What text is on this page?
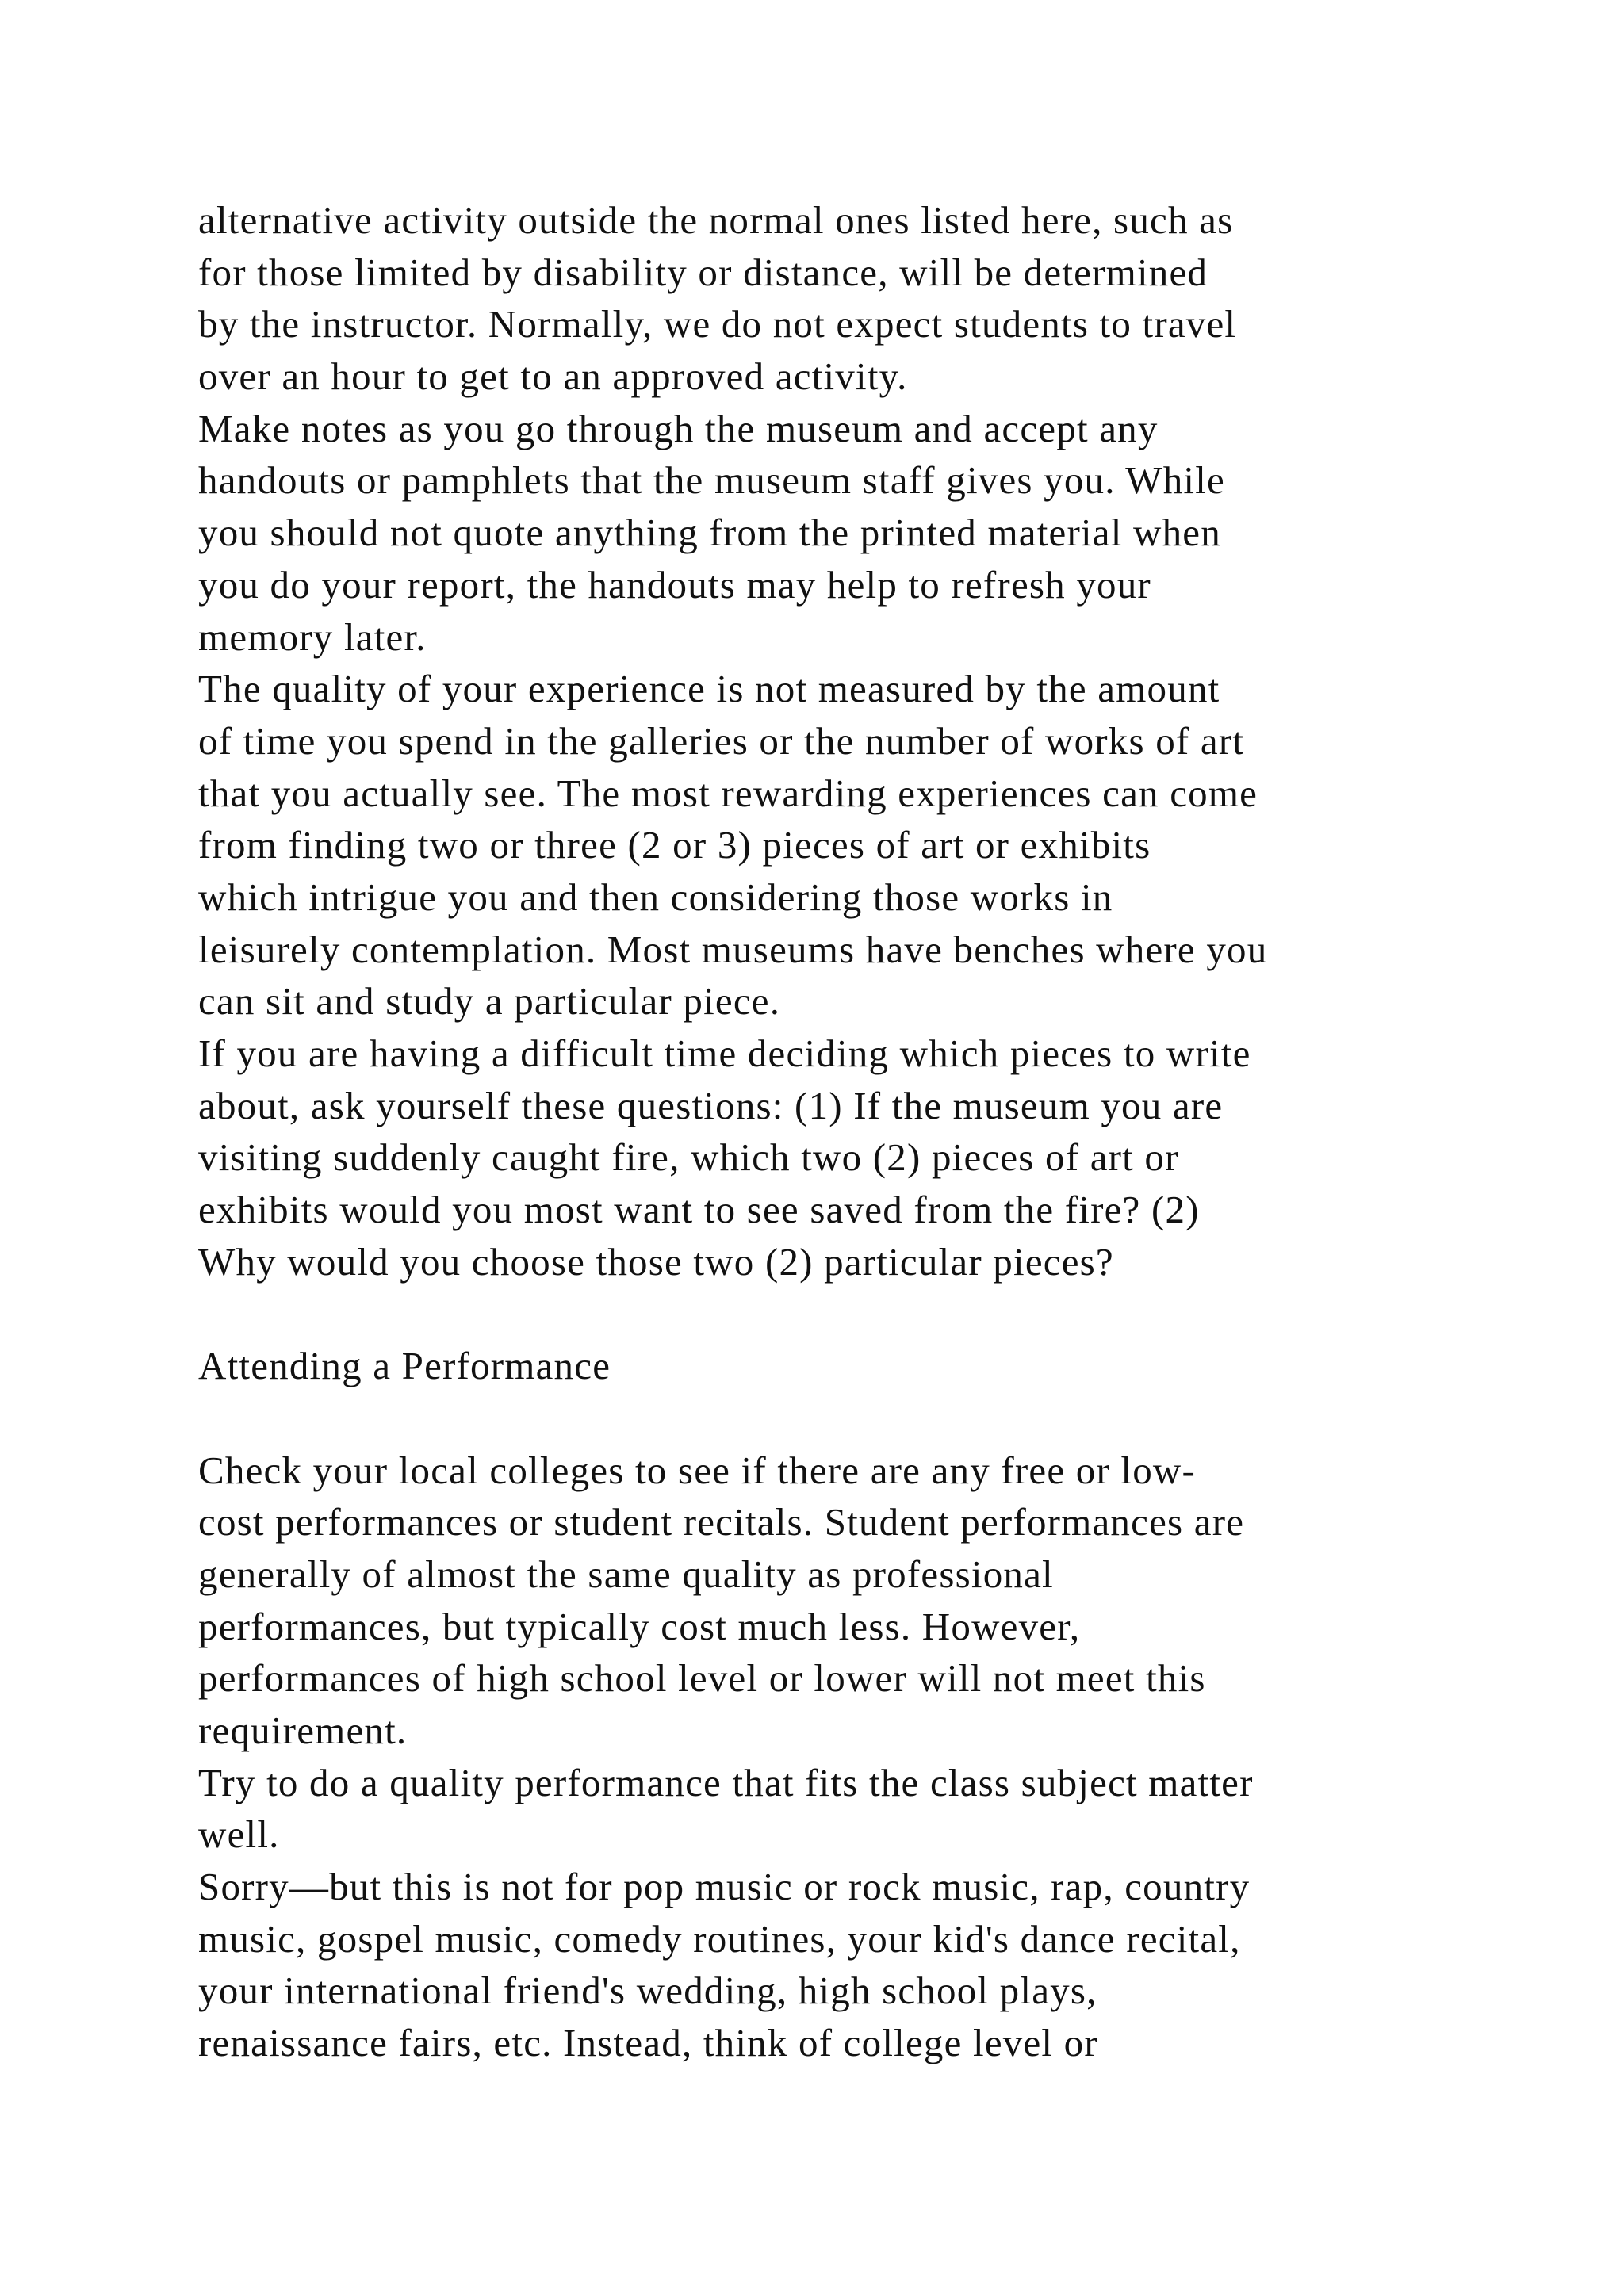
alternative activity outside the normal ones listed here, such as
for those limited by disability or distance, will be determined
by the instructor. Normally, we do not expect students to travel
over an hour to get to an approved activity.
Make notes as you go through the museum and accept any
handouts or pamphlets that the museum staff gives you. While
you should not quote anything from the printed material when
you do your report, the handouts may help to refresh your
memory later.
The quality of your experience is not measured by the amount
of time you spend in the galleries or the number of works of art
that you actually see. The most rewarding experiences can come
from finding two or three (2 or 3) pieces of art or exhibits
which intrigue you and then considering those works in
leisurely contemplation. Most museums have benches where you
can sit and study a particular piece.
If you are having a difficult time deciding which pieces to write
about, ask yourself these questions: (1) If the museum you are
visiting suddenly caught fire, which two (2) pieces of art or
exhibits would you most want to see saved from the fire? (2)
Why would you choose those two (2) particular pieces?
Attending a Performance
Check your local colleges to see if there are any free or low-
cost performances or student recitals. Student performances are
generally of almost the same quality as professional
performances, but typically cost much less. However,
performances of high school level or lower will not meet this
requirement.
Try to do a quality performance that fits the class subject matter
well.
Sorry—but this is not for pop music or rock music, rap, country
music, gospel music, comedy routines, your kid's dance recital,
your international friend's wedding, high school plays,
renaissance fairs, etc. Instead, think of college level or
